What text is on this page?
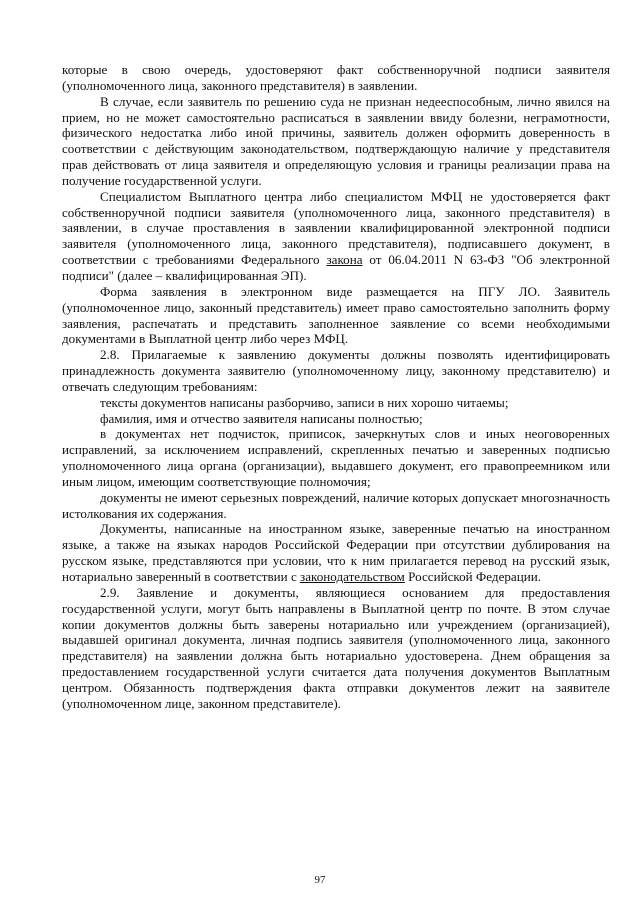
которые в свою очередь, удостоверяют факт собственноручной подписи заявителя (уполномоченного лица, законного представителя) в заявлении.

В случае, если заявитель по решению суда не признан недееспособным, лично явился на прием, но не может самостоятельно расписаться в заявлении ввиду болезни, неграмотности, физического недостатка либо иной причины, заявитель должен оформить доверенность в соответствии с действующим законодательством, подтверждающую наличие у представителя прав действовать от лица заявителя и определяющую условия и границы реализации права на получение государственной услуги.

Специалистом Выплатного центра либо специалистом МФЦ не удостоверяется факт собственноручной подписи заявителя (уполномоченного лица, законного представителя) в заявлении, в случае проставления в заявлении квалифицированной электронной подписи заявителя (уполномоченного лица, законного представителя), подписавшего документ, в соответствии с требованиями Федерального закона от 06.04.2011 N 63-ФЗ "Об электронной подписи" (далее – квалифицированная ЭП).

Форма заявления в электронном виде размещается на ПГУ ЛО. Заявитель (уполномоченное лицо, законный представитель) имеет право самостоятельно заполнить форму заявления, распечатать и представить заполненное заявление со всеми необходимыми документами в Выплатной центр либо через МФЦ.

2.8. Прилагаемые к заявлению документы должны позволять идентифицировать принадлежность документа заявителю (уполномоченному лицу, законному представителю) и отвечать следующим требованиям:

тексты документов написаны разборчиво, записи в них хорошо читаемы;

фамилия, имя и отчество заявителя написаны полностью;

в документах нет подчисток, приписок, зачеркнутых слов и иных неоговоренных исправлений, за исключением исправлений, скрепленных печатью и заверенных подписью уполномоченного лица органа (организации), выдавшего документ, его правопреемником или иным лицом, имеющим соответствующие полномочия;

документы не имеют серьезных повреждений, наличие которых допускает многозначность истолкования их содержания.

Документы, написанные на иностранном языке, заверенные печатью на иностранном языке, а также на языках народов Российской Федерации при отсутствии дублирования на русском языке, представляются при условии, что к ним прилагается перевод на русский язык, нотариально заверенный в соответствии с законодательством Российской Федерации.

2.9. Заявление и документы, являющиеся основанием для предоставления государственной услуги, могут быть направлены в Выплатной центр по почте. В этом случае копии документов должны быть заверены нотариально или учреждением (организацией), выдавшей оригинал документа, личная подпись заявителя (уполномоченного лица, законного представителя) на заявлении должна быть нотариально удостоверена. Днем обращения за предоставлением государственной услуги считается дата получения документов Выплатным центром. Обязанность подтверждения факта отправки документов лежит на заявителе (уполномоченном лице, законном представителе).

97
